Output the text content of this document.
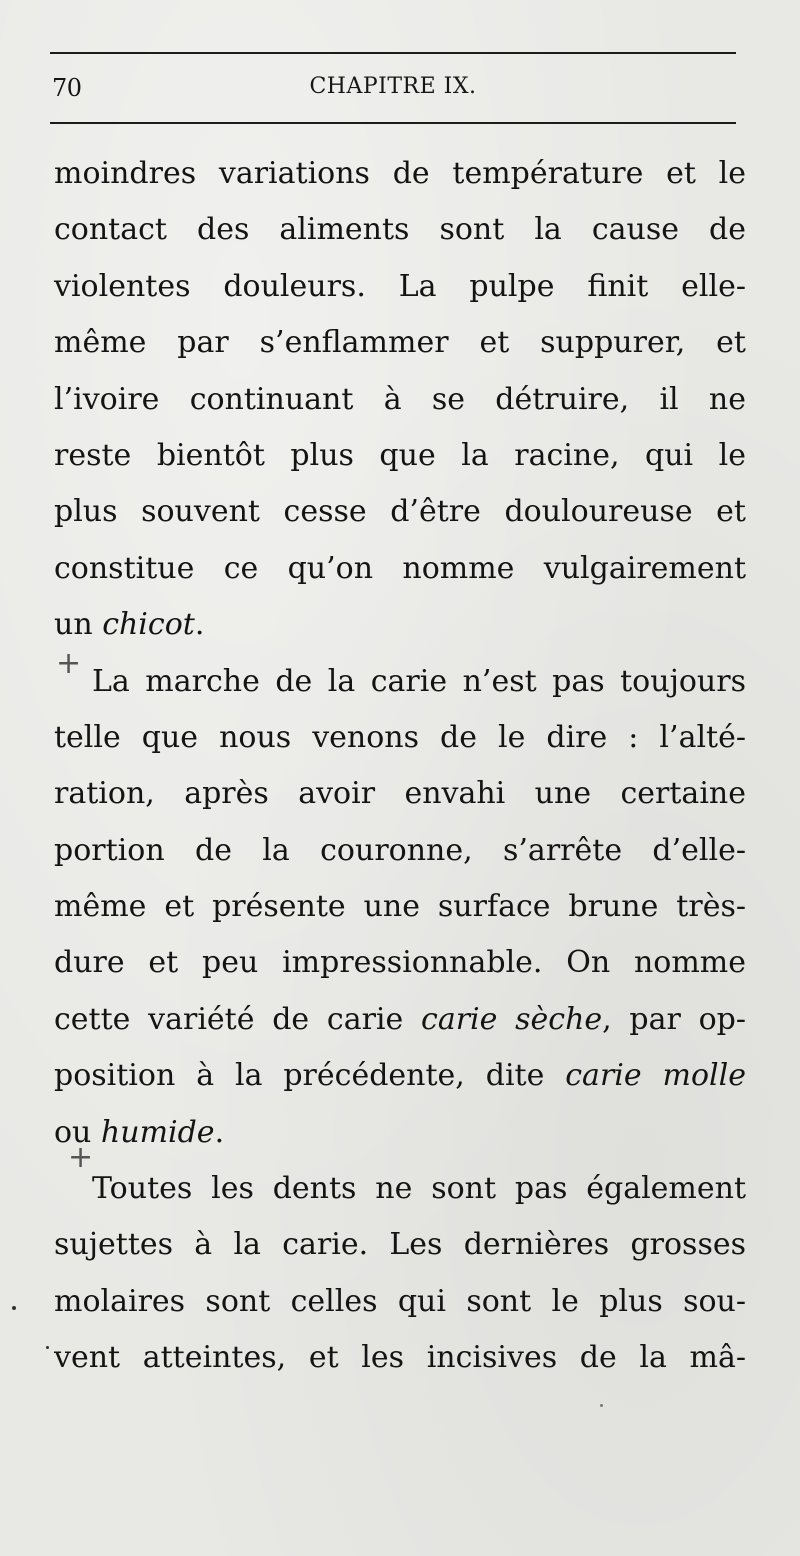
70	CHAPITRE IX.
+
+
moindres variations de température et le
contact des aliments sont la cause de
violentes douleurs. La pulpe finit elle-
même par s’enflammer et suppurer, et
l’ivoire continuant à se détruire, il ne
reste bientôt plus que la racine, qui le
plus souvent cesse d’être douloureuse et
constitue ce qu’on nomme vulgairement
un chicot.
La marche de la carie n’est pas toujours
telle que nous venons de le dire : l’alté-
ration, après avoir envahi une certaine
portion de la couronne, s’arrête d’elle-
même et présente une surface brune très-
dure et peu impressionnable. On nomme
cette variété de carie carie sèche, par op-
position à la précédente, dite carie molle
ou humide.
Toutes les dents ne sont pas également
sujettes à la carie. Les dernières grosses
molaires sont celles qui sont le plus sou-
vent atteintes, et les incisives de la mâ-
